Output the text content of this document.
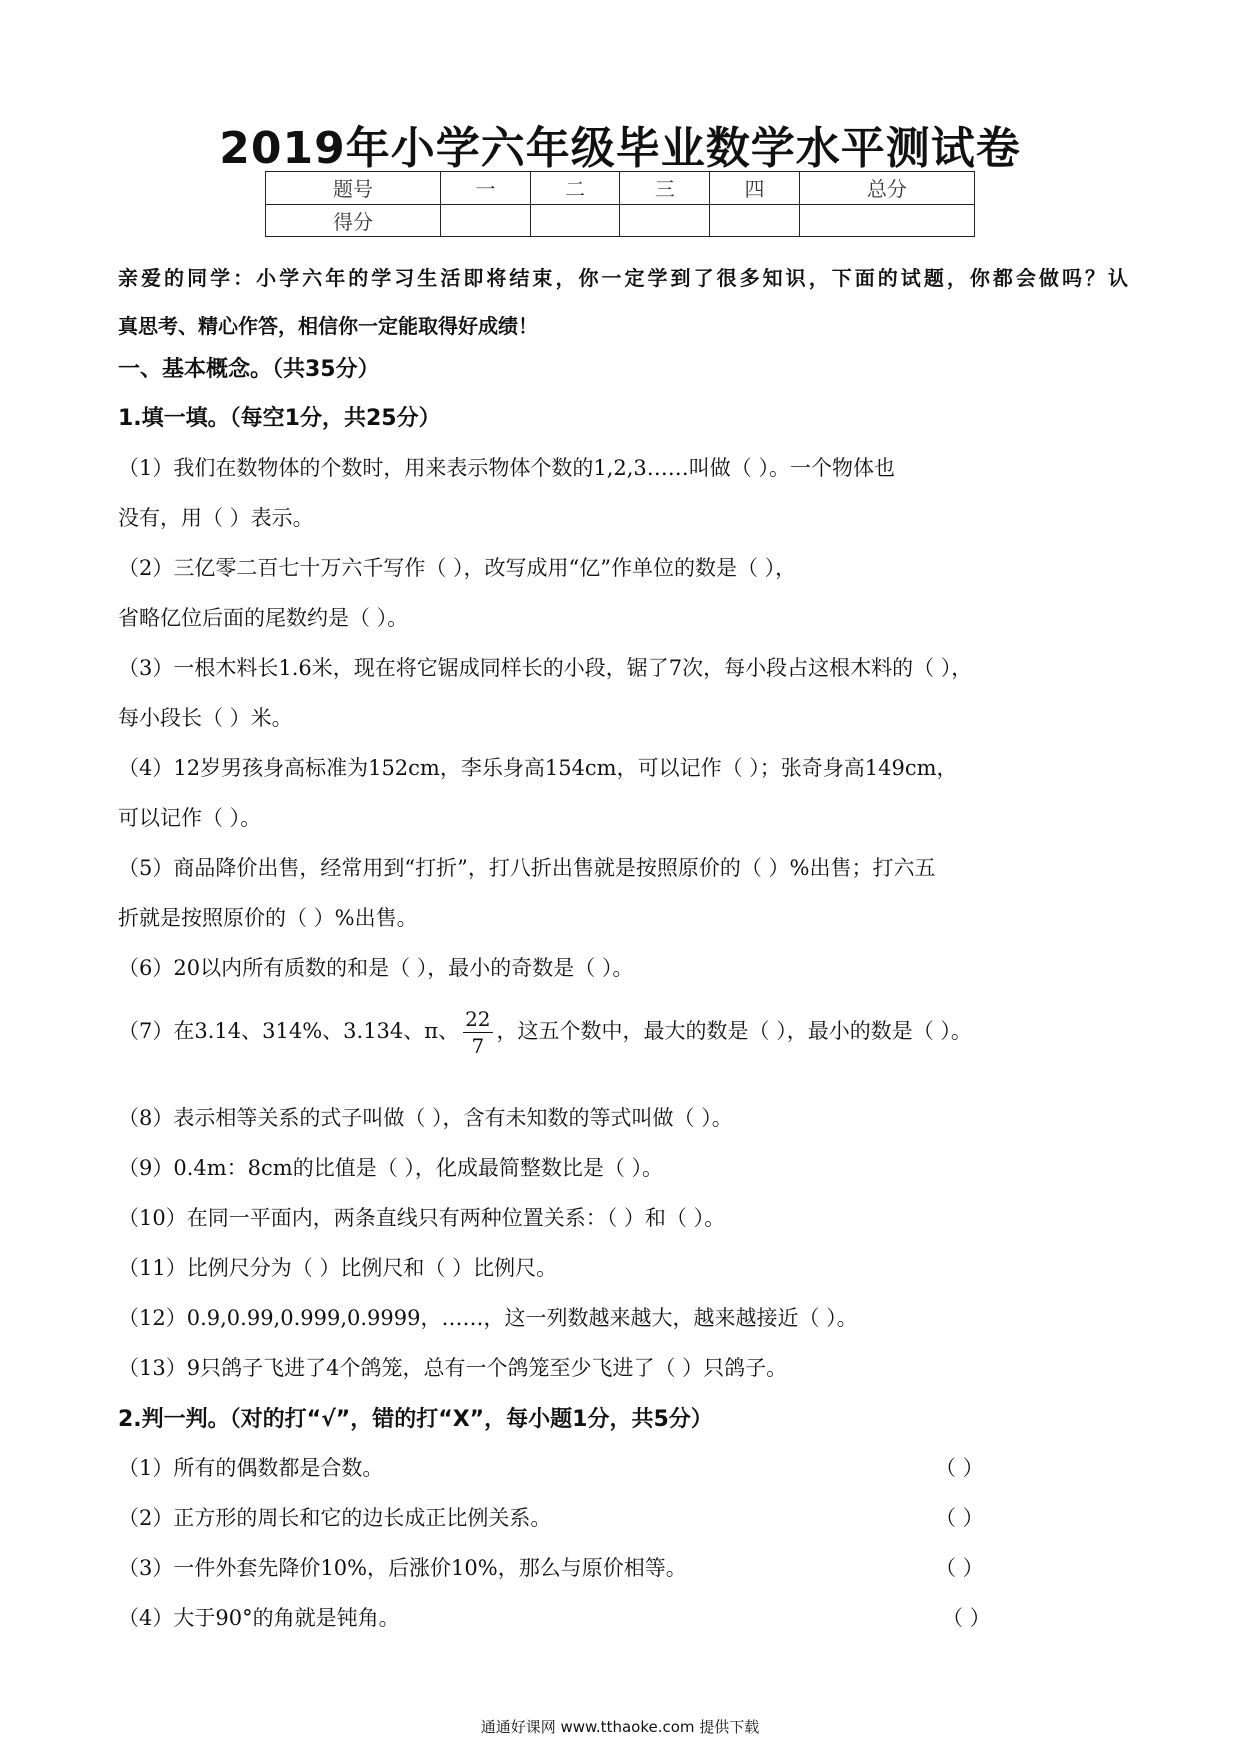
2019年小学六年级毕业数学水平测试卷
题号	一	二	三	四	总分
得分					
亲爱的同学：小学六年的学习生活即将结束，你一定学到了很多知识，下面的试题，你都会做吗？认
真思考、精心作答，相信你一定能取得好成绩！
一、基本概念。（共35分）
1.填一填。（每空1分，共25分）
（1）我们在数物体的个数时，用来表示物体个数的1,2,3……叫做（ ）。一个物体也
没有，用（ ）表示。
（2）三亿零二百七十万六千写作（ ），改写成用“亿”作单位的数是（ ），
省略亿位后面的尾数约是（ ）。
（3）一根木料长1.6米，现在将它锯成同样长的小段，锯了7次，每小段占这根木料的（ ），
每小段长（ ）米。
（4）12岁男孩身高标准为152cm，李乐身高154cm，可以记作（ ）；张奇身高149cm，
可以记作（ ）。
（5）商品降价出售，经常用到“打折”，打八折出售就是按照原价的（ ）%出售；打六五
折就是按照原价的（ ）%出售。
（6）20以内所有质数的和是（ ），最小的奇数是（ ）。
（7）在3.14、314%、3.134、π、 $\frac{22}{7}$ ，这五个数中，最大的数是（ ），最小的数是（ ）。
（8）表示相等关系的式子叫做（ ），含有未知数的等式叫做（ ）。
（9）0.4m：8cm的比值是（ ），化成最简整数比是（ ）。
（10）在同一平面内，两条直线只有两种位置关系：（ ）和（ ）。
（11）比例尺分为（ ）比例尺和（ ）比例尺。
（12）0.9,0.99,0.999,0.9999，……，这一列数越来越大，越来越接近（ ）。
（13）9只鸽子飞进了4个鸽笼，总有一个鸽笼至少飞进了（ ）只鸽子。
2.判一判。（对的打“√”，错的打“X”，每小题1分，共5分）
（1）所有的偶数都是合数。	（ ）
（2）正方形的周长和它的边长成正比例关系。	（ ）
（3）一件外套先降价10%，后涨价10%，那么与原价相等。	（ ）
（4）大于90°的角就是钝角。	（ ）
通通好课网 www.tthaoke.com 提供下载
